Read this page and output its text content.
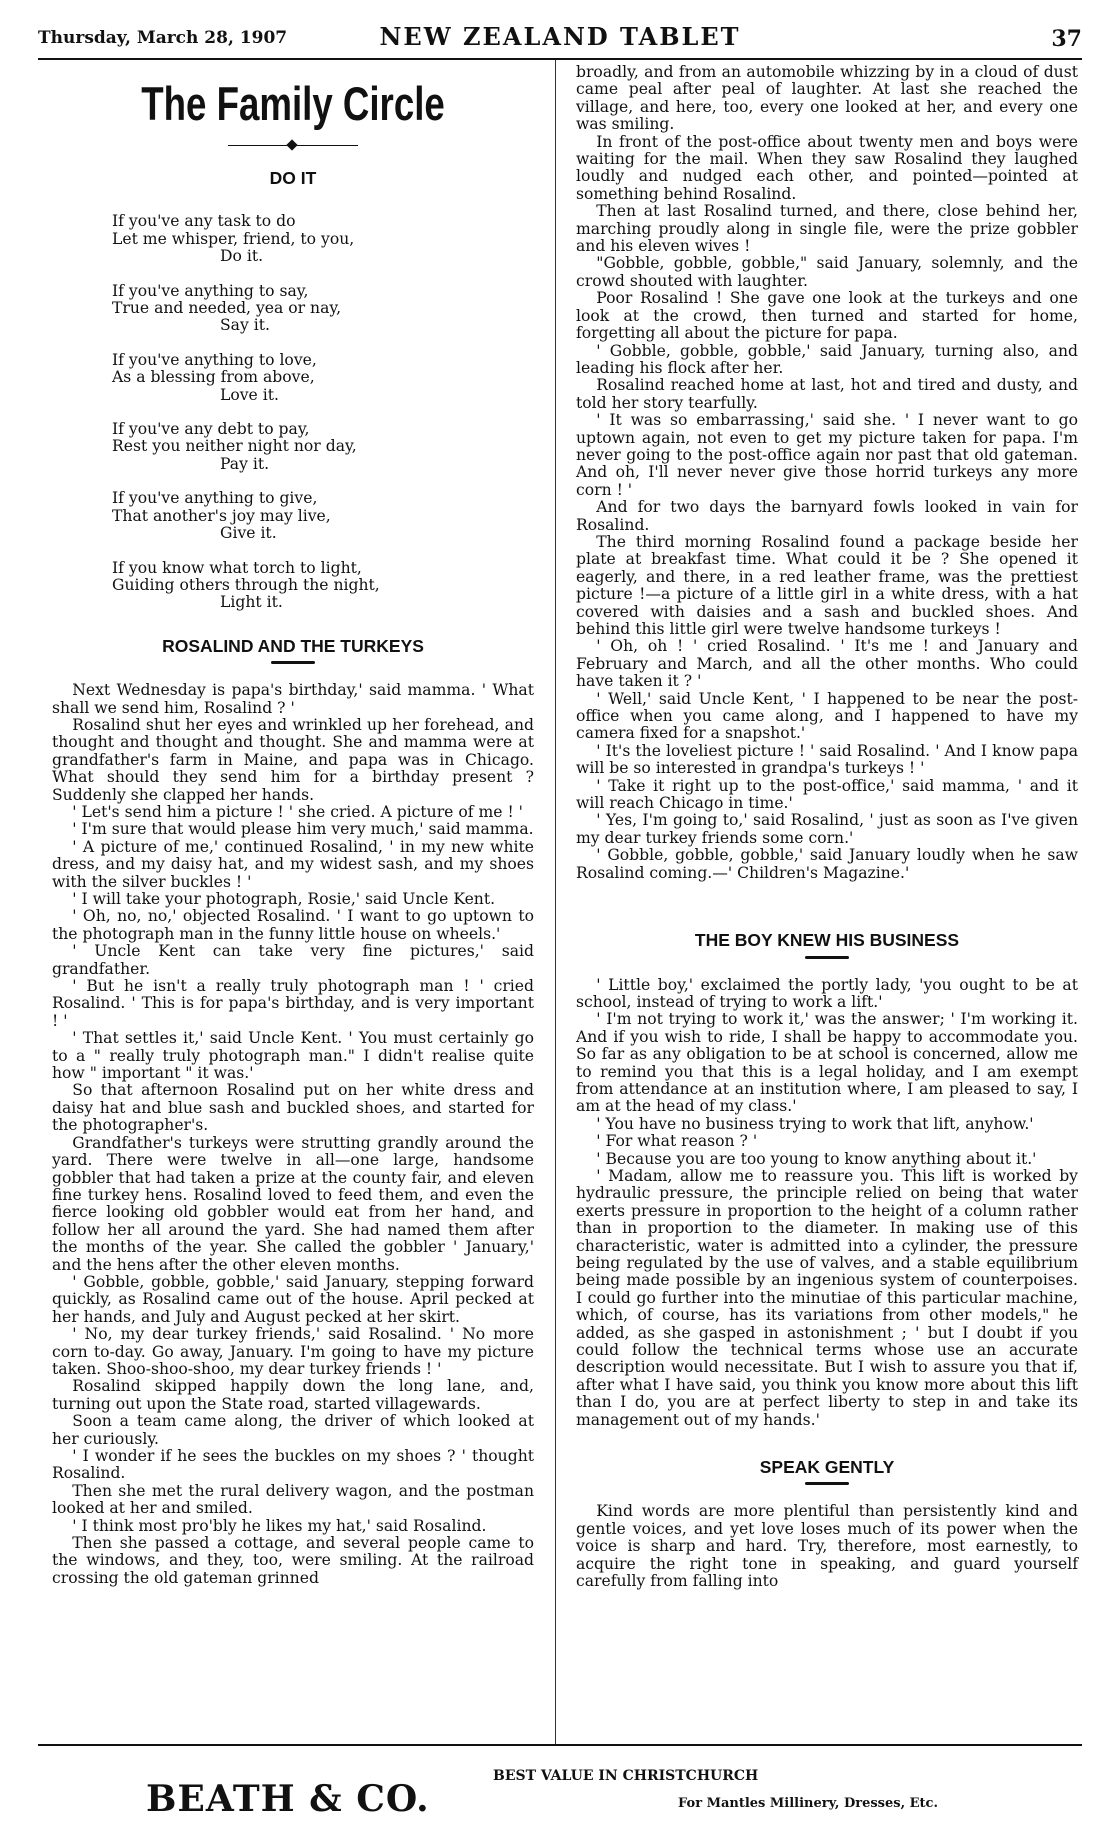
Thursday, March 28, 1907	NEW ZEALAND TABLET	37
The Family Circle
DO IT
If you've any task to do
Let me whisper, friend, to you,
Do it.
If you've anything to say,
True and needed, yea or nay,
Say it.
If you've anything to love,
As a blessing from above,
Love it.
If you've any debt to pay,
Rest you neither night nor day,
Pay it.
If you've anything to give,
That another's joy may live,
Give it.
If you know what torch to light,
Guiding others through the night,
Light it.
ROSALIND AND THE TURKEYS

Next Wednesday is papa's birthday,' said mamma. ' What shall we send him, Rosalind ? '

Rosalind shut her eyes and wrinkled up her forehead, and thought and thought and thought. She and mamma were at grandfather's farm in Maine, and papa was in Chicago. What should they send him for a birthday present ? Suddenly she clapped her hands.

' Let's send him a picture ! ' she cried. A picture of me ! '

' I'm sure that would please him very much,' said mamma.

' A picture of me,' continued Rosalind, ' in my new white dress, and my daisy hat, and my widest sash, and my shoes with the silver buckles ! '

' I will take your photograph, Rosie,' said Uncle Kent.

' Oh, no, no,' objected Rosalind. ' I want to go uptown to the photograph man in the funny little house on wheels.'

' Uncle Kent can take very fine pictures,' said grandfather.

' But he isn't a really truly photograph man ! ' cried Rosalind. ' This is for papa's birthday, and is very important ! '

' That settles it,' said Uncle Kent. ' You must certainly go to a " really truly photograph man." I didn't realise quite how " important " it was.'

So that afternoon Rosalind put on her white dress and daisy hat and blue sash and buckled shoes, and started for the photographer's.

Grandfather's turkeys were strutting grandly around the yard. There were twelve in all—one large, handsome gobbler that had taken a prize at the county fair, and eleven fine turkey hens. Rosalind loved to feed them, and even the fierce looking old gobbler would eat from her hand, and follow her all around the yard. She had named them after the months of the year. She called the gobbler ' January,' and the hens after the other eleven months.

' Gobble, gobble, gobble,' said January, stepping forward quickly, as Rosalind came out of the house. April pecked at her hands, and July and August pecked at her skirt.

' No, my dear turkey friends,' said Rosalind. ' No more corn to-day. Go away, January. I'm going to have my picture taken. Shoo-shoo-shoo, my dear turkey friends ! '

Rosalind skipped happily down the long lane, and, turning out upon the State road, started villagewards.

Soon a team came along, the driver of which looked at her curiously.

' I wonder if he sees the buckles on my shoes ? ' thought Rosalind.

Then she met the rural delivery wagon, and the postman looked at her and smiled.

' I think most pro'bly he likes my hat,' said Rosalind.

Then she passed a cottage, and several people came to the windows, and they, too, were smiling. At the railroad crossing the old gateman grinned

broadly, and from an automobile whizzing by in a cloud of dust came peal after peal of laughter. At last she reached the village, and here, too, every one looked at her, and every one was smiling.

In front of the post-office about twenty men and boys were waiting for the mail. When they saw Rosalind they laughed loudly and nudged each other, and pointed—pointed at something behind Rosalind.

Then at last Rosalind turned, and there, close behind her, marching proudly along in single file, were the prize gobbler and his eleven wives !

"Gobble, gobble, gobble," said January, solemnly, and the crowd shouted with laughter.

Poor Rosalind ! She gave one look at the turkeys and one look at the crowd, then turned and started for home, forgetting all about the picture for papa.

' Gobble, gobble, gobble,' said January, turning also, and leading his flock after her.

Rosalind reached home at last, hot and tired and dusty, and told her story tearfully.

' It was so embarrassing,' said she. ' I never want to go uptown again, not even to get my picture taken for papa. I'm never going to the post-office again nor past that old gateman. And oh, I'll never never give those horrid turkeys any more corn ! '

And for two days the barnyard fowls looked in vain for Rosalind.

The third morning Rosalind found a package beside her plate at breakfast time. What could it be ? She opened it eagerly, and there, in a red leather frame, was the prettiest picture !—a picture of a little girl in a white dress, with a hat covered with daisies and a sash and buckled shoes. And behind this little girl were twelve handsome turkeys !

' Oh, oh ! ' cried Rosalind. ' It's me ! and January and February and March, and all the other months. Who could have taken it ? '

' Well,' said Uncle Kent, ' I happened to be near the post-office when you came along, and I happened to have my camera fixed for a snapshot.'

' It's the loveliest picture ! ' said Rosalind. ' And I know papa will be so interested in grandpa's turkeys ! '

' Take it right up to the post-office,' said mamma, ' and it will reach Chicago in time.'

' Yes, I'm going to,' said Rosalind, ' just as soon as I've given my dear turkey friends some corn.'

' Gobble, gobble, gobble,' said January loudly when he saw Rosalind coming.—' Children's Magazine.'

THE BOY KNEW HIS BUSINESS

' Little boy,' exclaimed the portly lady, 'you ought to be at school, instead of trying to work a lift.'

' I'm not trying to work it,' was the answer; ' I'm working it. And if you wish to ride, I shall be happy to accommodate you. So far as any obligation to be at school is concerned, allow me to remind you that this is a legal holiday, and I am exempt from attendance at an institution where, I am pleased to say, I am at the head of my class.'

' You have no business trying to work that lift, anyhow.'

' For what reason ? '

' Because you are too young to know anything about it.'

' Madam, allow me to reassure you. This lift is worked by hydraulic pressure, the principle relied on being that water exerts pressure in proportion to the height of a column rather than in proportion to the diameter. In making use of this characteristic, water is admitted into a cylinder, the pressure being regulated by the use of valves, and a stable equilibrium being made possible by an ingenious system of counterpoises. I could go further into the minutiae of this particular machine, which, of course, has its variations from other models," he added, as she gasped in astonishment ; ' but I doubt if you could follow the technical terms whose use an accurate description would necessitate. But I wish to assure you that if, after what I have said, you think you know more about this lift than I do, you are at perfect liberty to step in and take its management out of my hands.'

SPEAK GENTLY

Kind words are more plentiful than persistently kind and gentle voices, and yet love loses much of its power when the voice is sharp and hard. Try, therefore, most earnestly, to acquire the right tone in speaking, and guard yourself carefully from falling into

BEATH & CO.
BEST VALUE IN CHRISTCHURCH
For Mantles Millinery, Dresses, Etc.
